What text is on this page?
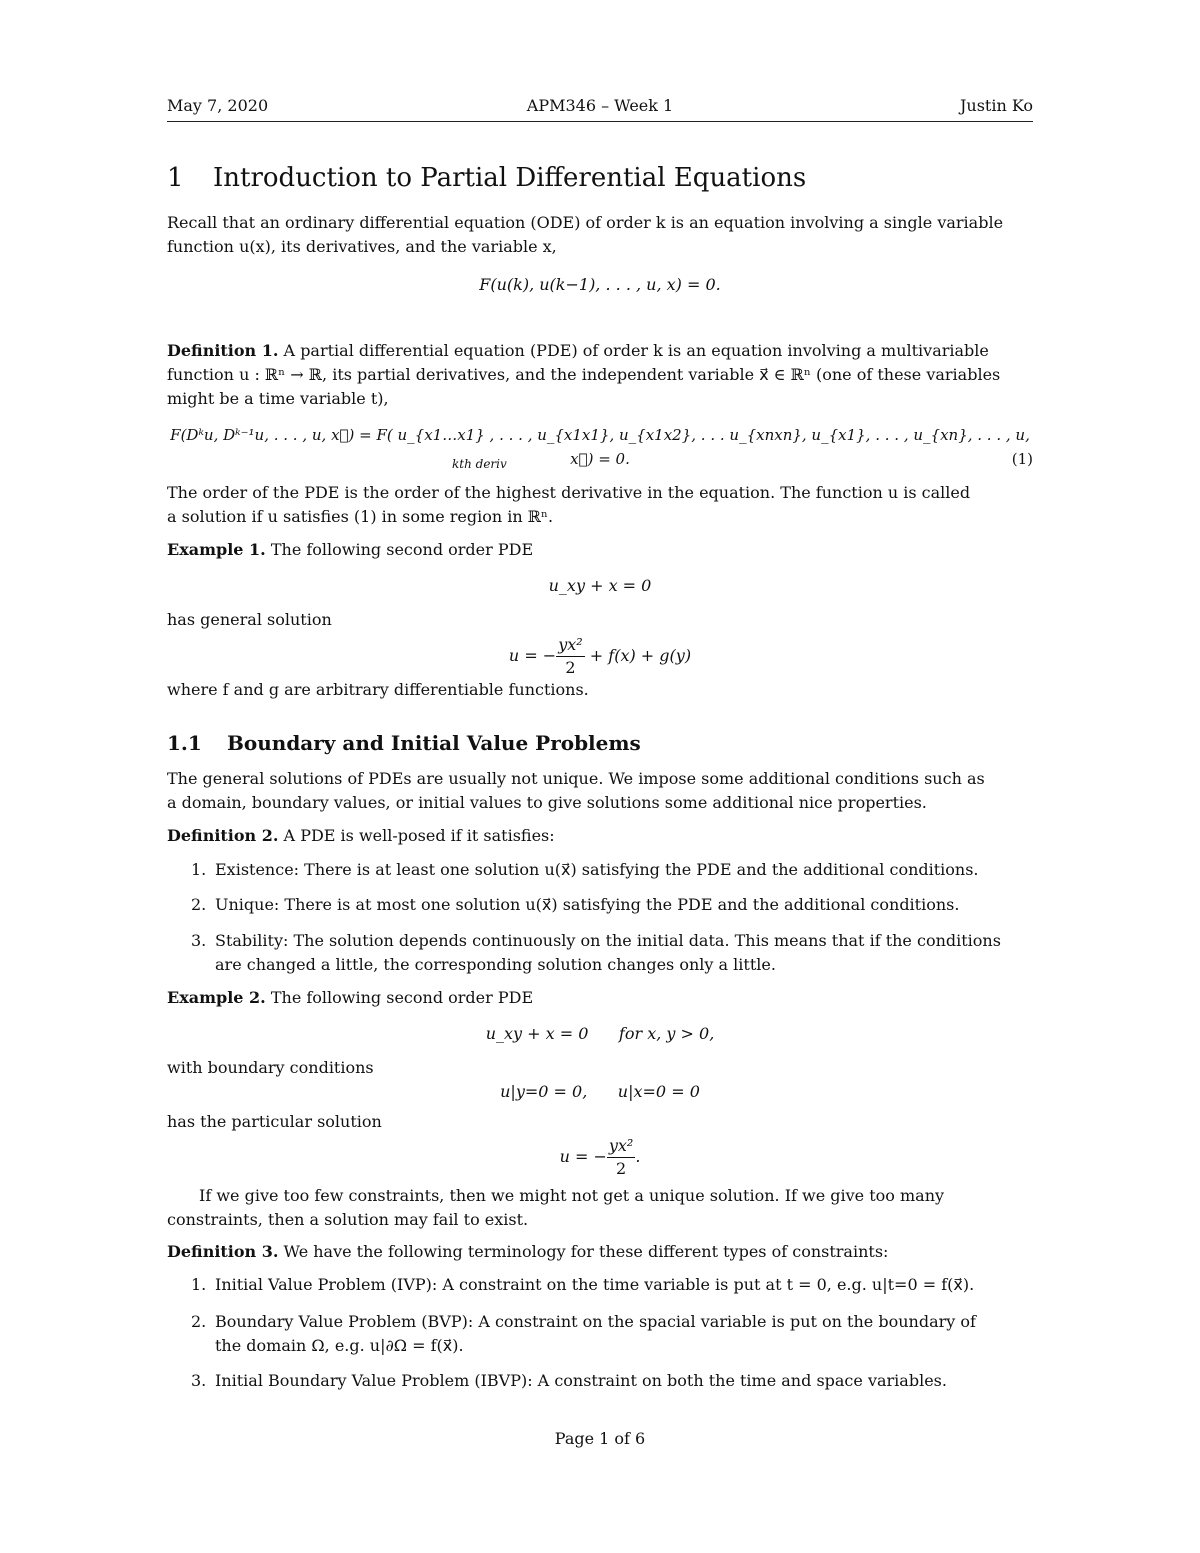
May 7, 2020	APM346 – Week 1	Justin Ko
1 Introduction to Partial Differential Equations
Recall that an ordinary differential equation (ODE) of order k is an equation involving a single variable
function u(x), its derivatives, and the variable x,
F(u(k), u(k−1), . . . , u, x) = 0.
Definition 1. A partial differential equation (PDE) of order k is an equation involving a multivariable
function u : ℝⁿ → ℝ, its partial derivatives, and the independent variable x⃗ ∈ ℝⁿ (one of these variables
might be a time variable t),
F(Dᵏu, Dᵏ⁻¹u, . . . , u, x⃗) = F( u_{x1…x1} , . . . , u_{x1x1}, u_{x1x2}, . . . u_{xnxn}, u_{x1}, . . . , u_{xn}, . . . , u, x⃗) = 0.	(1)
kth deriv
The order of the PDE is the order of the highest derivative in the equation. The function u is called
a solution if u satisfies (1) in some region in ℝⁿ.
Example 1. The following second order PDE
u_xy + x = 0
has general solution
u = − $\frac{\text{yx²}}{2} + f(x) + g(y)$
where f and g are arbitrary differentiable functions.
1.1 Boundary and Initial Value Problems
The general solutions of PDEs are usually not unique. We impose some additional conditions such as
a domain, boundary values, or initial values to give solutions some additional nice properties.
Definition 2. A PDE is well-posed if it satisfies:
1. Existence: There is at least one solution u(x⃗) satisfying the PDE and the additional conditions.
2. Unique: There is at most one solution u(x⃗) satisfying the PDE and the additional conditions.
3. Stability: The solution depends continuously on the initial data. This means that if the conditions
are changed a little, the corresponding solution changes only a little.
Example 2. The following second order PDE
u_xy + x = 0      for x, y > 0,
with boundary conditions
u|y=0 = 0,      u|x=0 = 0
has the particular solution
u = − $\frac{\text{yx²}}{2}$ .
If we give too few constraints, then we might not get a unique solution. If we give too many
constraints, then a solution may fail to exist.
Definition 3. We have the following terminology for these different types of constraints:
1. Initial Value Problem (IVP): A constraint on the time variable is put at t = 0, e.g. u|t=0 = f(x⃗).
2. Boundary Value Problem (BVP): A constraint on the spacial variable is put on the boundary of
the domain Ω, e.g. u|∂Ω = f(x⃗).
3. Initial Boundary Value Problem (IBVP): A constraint on both the time and space variables.
Page 1 of 6
